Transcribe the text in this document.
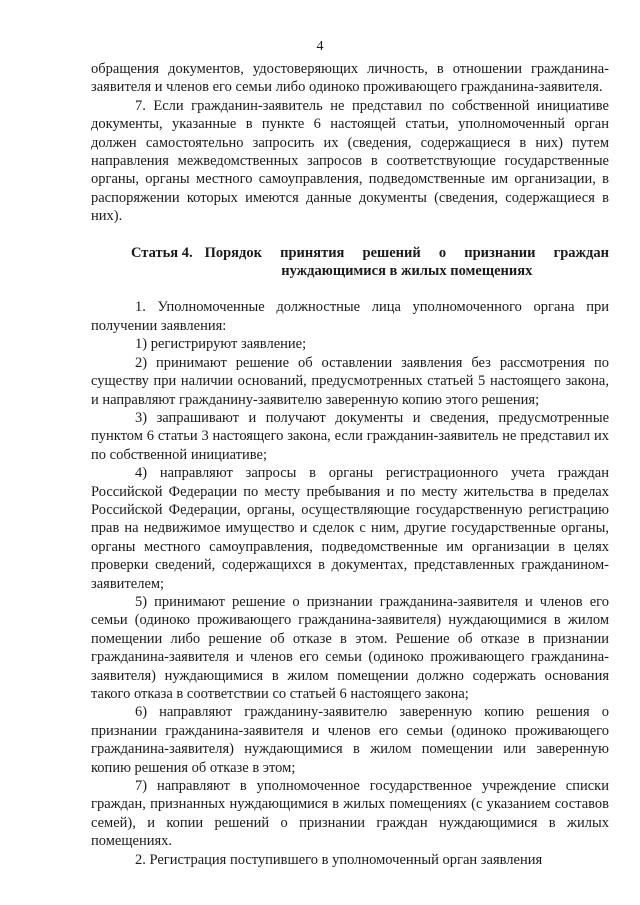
4

обращения документов, удостоверяющих личность, в отношении гражданина-заявителя и членов его семьи либо одиноко проживающего гражданина-заявителя.

7. Если гражданин-заявитель не представил по собственной инициативе документы, указанные в пункте 6 настоящей статьи, уполномоченный орган должен самостоятельно запросить их (сведения, содержащиеся в них) путем направления межведомственных запросов в соответствующие государственные органы, органы местного самоуправления, подведомственные им организации, в распоряжении которых имеются данные документы (сведения, содержащиеся в них).

Статья 4. Порядок принятия решений о признании граждан нуждающимися в жилых помещениях

1. Уполномоченные должностные лица уполномоченного органа при получении заявления:

1) регистрируют заявление;

2) принимают решение об оставлении заявления без рассмотрения по существу при наличии оснований, предусмотренных статьей 5 настоящего закона, и направляют гражданину-заявителю заверенную копию этого решения;

3) запрашивают и получают документы и сведения, предусмотренные пунктом 6 статьи 3 настоящего закона, если гражданин-заявитель не представил их по собственной инициативе;

4) направляют запросы в органы регистрационного учета граждан Российской Федерации по месту пребывания и по месту жительства в пределах Российской Федерации, органы, осуществляющие государственную регистрацию прав на недвижимое имущество и сделок с ним, другие государственные органы, органы местного самоуправления, подведомственные им организации в целях проверки сведений, содержащихся в документах, представленных гражданином-заявителем;

5) принимают решение о признании гражданина-заявителя и членов его семьи (одиноко проживающего гражданина-заявителя) нуждающимися в жилом помещении либо решение об отказе в этом. Решение об отказе в признании гражданина-заявителя и членов его семьи (одиноко проживающего гражданина-заявителя) нуждающимися в жилом помещении должно содержать основания такого отказа в соответствии со статьей 6 настоящего закона;

6) направляют гражданину-заявителю заверенную копию решения о признании гражданина-заявителя и членов его семьи (одиноко проживающего гражданина-заявителя) нуждающимися в жилом помещении или заверенную копию решения об отказе в этом;

7) направляют в уполномоченное государственное учреждение списки граждан, признанных нуждающимися в жилых помещениях (с указанием составов семей), и копии решений о признании граждан нуждающимися в жилых помещениях.

2. Регистрация поступившего в уполномоченный орган заявления
